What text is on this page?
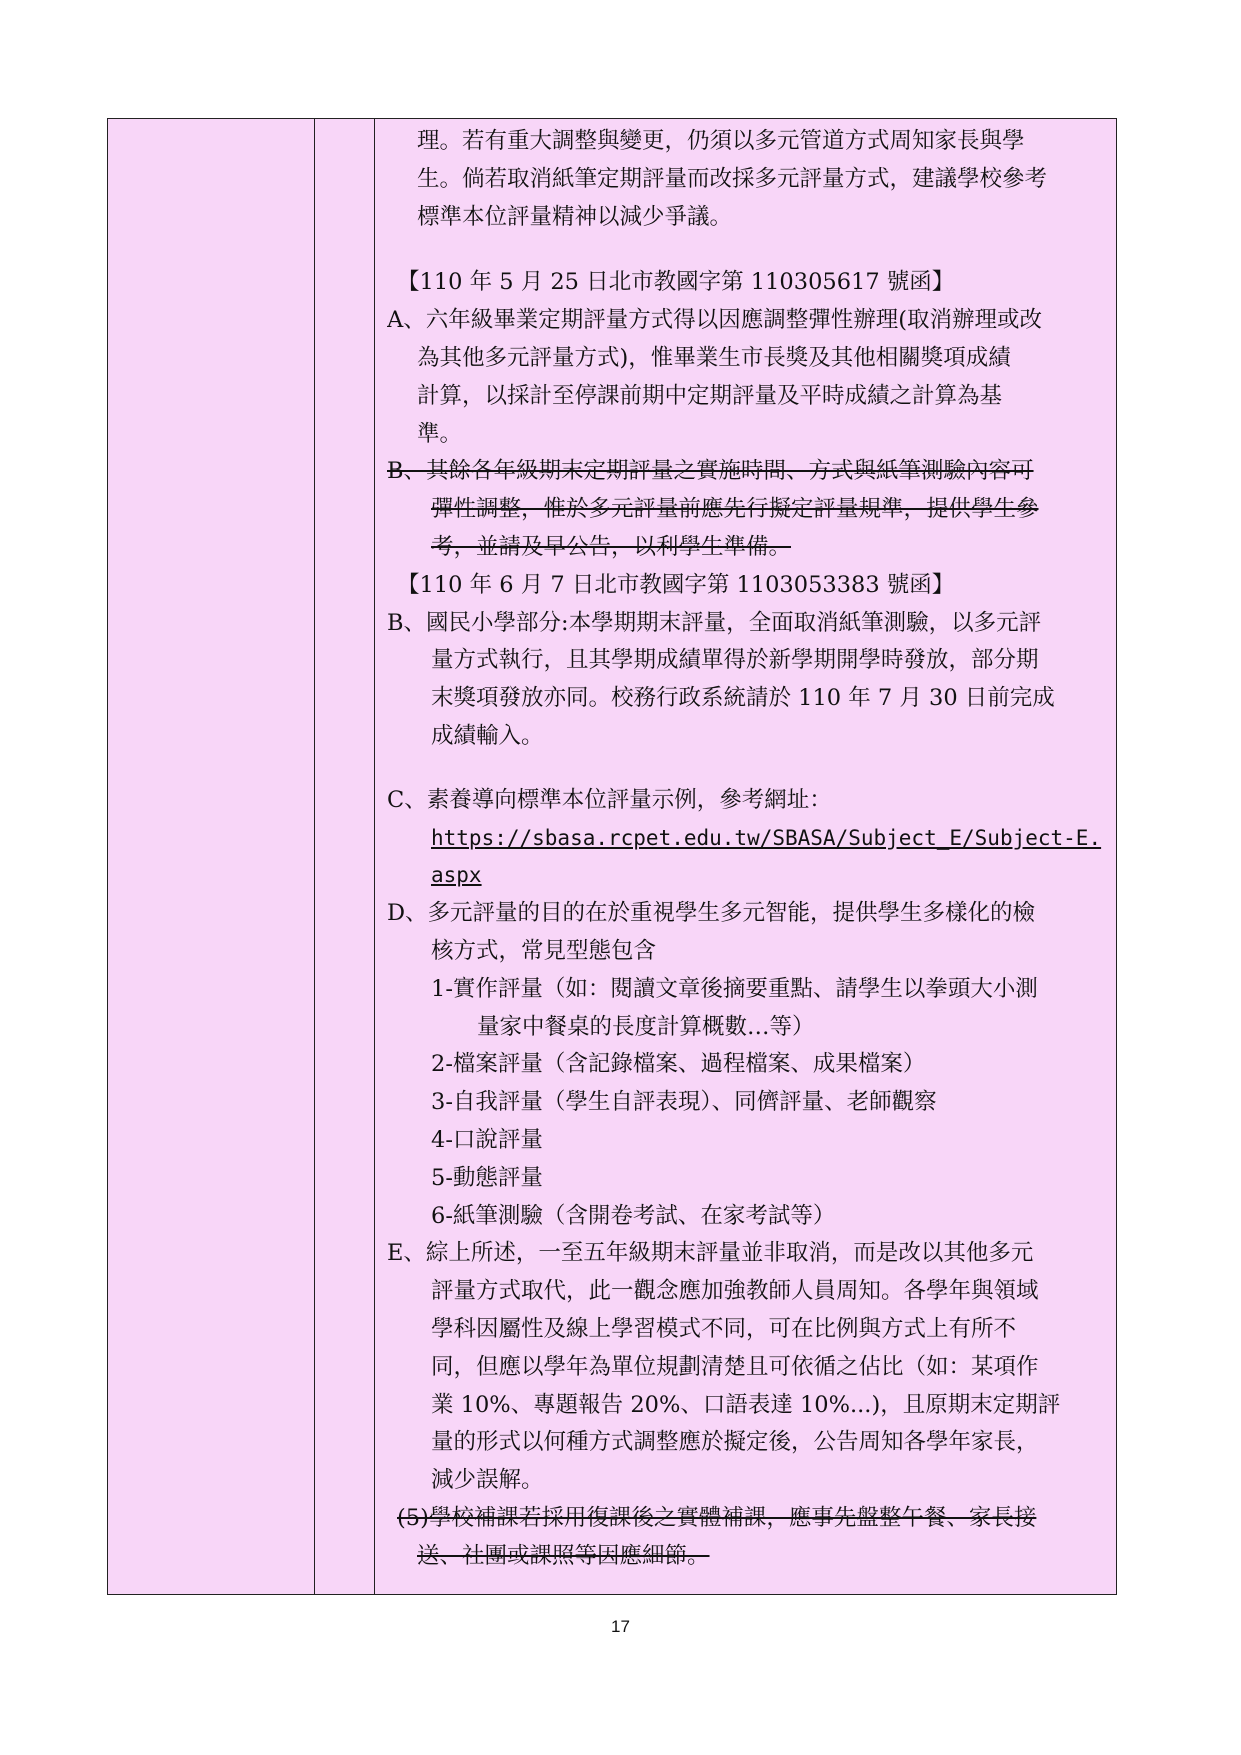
理。若有重大調整與變更，仍須以多元管道方式周知家長與學
生。倘若取消紙筆定期評量而改採多元評量方式，建議學校參考
標準本位評量精神以減少爭議。
【110 年 5 月 25 日北市教國字第 110305617 號函】
A、六年級畢業定期評量方式得以因應調整彈性辦理(取消辦理或改
為其他多元評量方式)，惟畢業生市長獎及其他相關獎項成績
計算，以採計至停課前期中定期評量及平時成績之計算為基
準。
B、其餘各年級期末定期評量之實施時間、方式與紙筆測驗內容可
彈性調整，惟於多元評量前應先行擬定評量規準，提供學生參
考，並請及早公告，以利學生準備。
【110 年 6 月 7 日北市教國字第 1103053383 號函】
B、國民小學部分:本學期期末評量，全面取消紙筆測驗，以多元評
量方式執行，且其學期成績單得於新學期開學時發放，部分期
末獎項發放亦同。校務行政系統請於 110 年 7 月 30 日前完成
成績輸入。
C、素養導向標準本位評量示例，參考網址：
https://sbasa.rcpet.edu.tw/SBASA/Subject_E/Subject-E.
aspx
D、多元評量的目的在於重視學生多元智能，提供學生多樣化的檢
核方式，常見型態包含
1-實作評量（如：閱讀文章後摘要重點、請學生以拳頭大小測
量家中餐桌的長度計算概數…等）
2-檔案評量（含記錄檔案、過程檔案、成果檔案）
3-自我評量（學生自評表現）、同儕評量、老師觀察
4-口說評量
5-動態評量
6-紙筆測驗（含開卷考試、在家考試等）
E、綜上所述，一至五年級期末評量並非取消，而是改以其他多元
評量方式取代，此一觀念應加強教師人員周知。各學年與領域
學科因屬性及線上學習模式不同，可在比例與方式上有所不
同，但應以學年為單位規劃清楚且可依循之佔比（如：某項作
業 10%、專題報告 20%、口語表達 10%...)，且原期末定期評
量的形式以何種方式調整應於擬定後，公告周知各學年家長，
減少誤解。
(5)學校補課若採用復課後之實體補課，應事先盤整午餐、家長接
送、社團或課照等因應細節。
17
